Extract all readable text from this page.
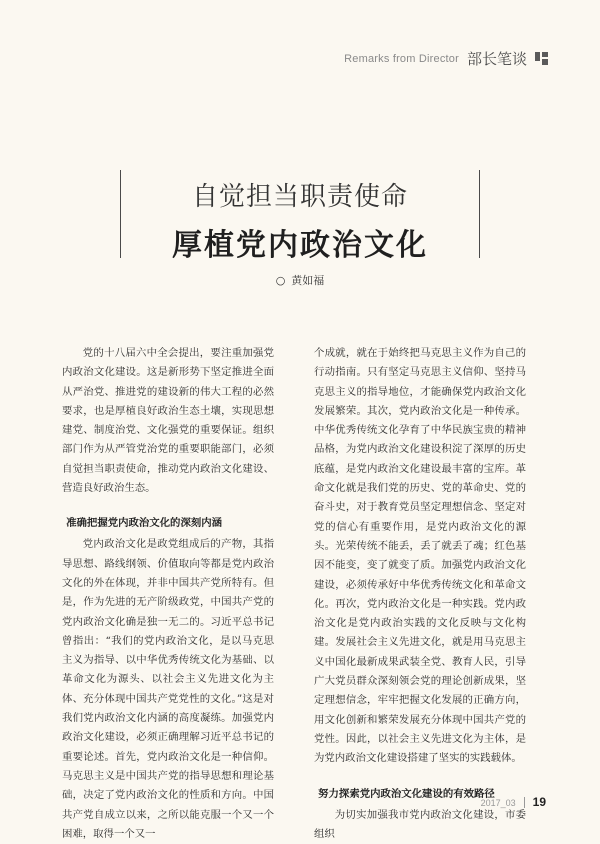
Remarks from Director 部长笔谈
自觉担当职责使命
厚植党内政治文化
○ 黄如福

党的十八届六中全会提出，要注重加强党内政治文化建设。这是新形势下坚定推进全面从严治党、推进党的建设新的伟大工程的必然要求，也是厚植良好政治生态土壤，实现思想建党、制度治党、文化强党的重要保证。组织部门作为从严管党治党的重要职能部门，必须自觉担当职责使命，推动党内政治文化建设、营造良好政治生态。

准确把握党内政治文化的深刻内涵

党内政治文化是政党组成后的产物，其指导思想、路线纲领、价值取向等都是党内政治文化的外在体现，并非中国共产党所特有。但是，作为先进的无产阶级政党，中国共产党的党内政治文化确是独一无二的。习近平总书记曾指出：“我们的党内政治文化，是以马克思主义为指导、以中华优秀传统文化为基础、以革命文化为源头、以社会主义先进文化为主体、充分体现中国共产党党性的文化。”这是对我们党内政治文化内涵的高度凝练。加强党内政治文化建设，必须正确理解习近平总书记的重要论述。首先，党内政治文化是一种信仰。马克思主义是中国共产党的指导思想和理论基础，决定了党内政治文化的性质和方向。中国共产党自成立以来，之所以能克服一个又一个困难，取得一个又一

个成就，就在于始终把马克思主义作为自己的行动指南。只有坚定马克思主义信仰、坚持马克思主义的指导地位，才能确保党内政治文化发展繁荣。其次，党内政治文化是一种传承。中华优秀传统文化孕育了中华民族宝贵的精神品格，为党内政治文化建设积淀了深厚的历史底蕴，是党内政治文化建设最丰富的宝库。革命文化就是我们党的历史、党的革命史、党的奋斗史，对于教育党员坚定理想信念、坚定对党的信心有重要作用，是党内政治文化的源头。光荣传统不能丢，丢了就丢了魂；红色基因不能变，变了就变了质。加强党内政治文化建设，必须传承好中华优秀传统文化和革命文化。再次，党内政治文化是一种实践。党内政治文化是党内政治实践的文化反映与文化构建。发展社会主义先进文化，就是用马克思主义中国化最新成果武装全党、教育人民，引导广大党员群众深刻领会党的理论创新成果，坚定理想信念，牢牢把握文化发展的正确方向，用文化创新和繁荣发展充分体现中国共产党的党性。因此，以社会主义先进文化为主体，是为党内政治文化建设搭建了坚实的实践载体。

努力探索党内政治文化建设的有效路径

为切实加强我市党内政治文化建设，市委组织

2017_03 19
